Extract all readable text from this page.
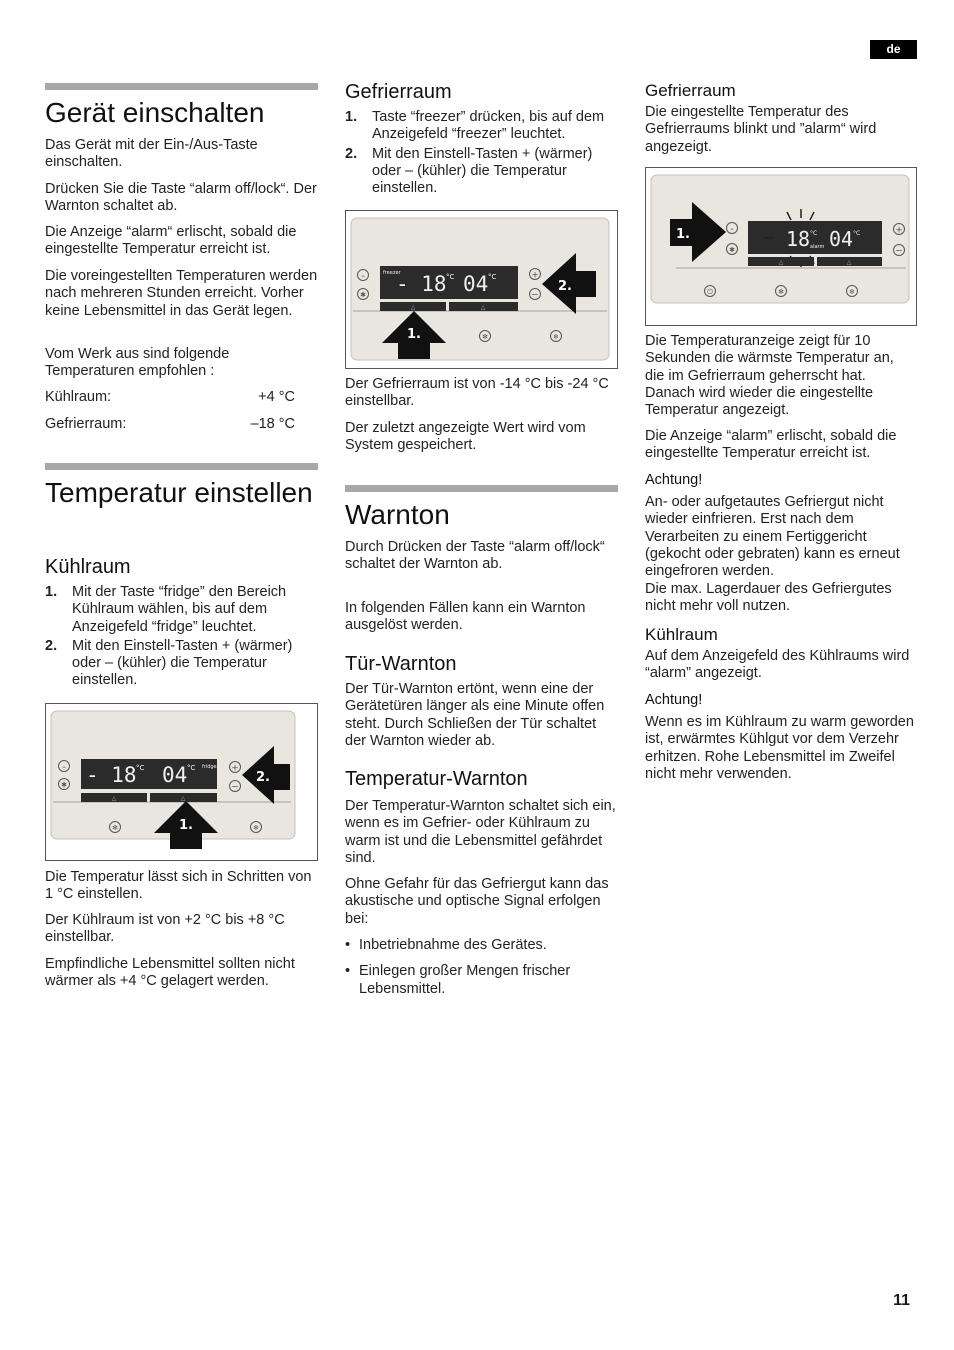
de
Gerät einschalten
Das Gerät mit der Ein-/Aus-Taste einschalten.
Drücken Sie die Taste “alarm off/lock“. Der Warnton schaltet ab.
Die Anzeige “alarm“ erlischt, sobald die eingestellte Temperatur erreicht ist.
Die voreingestellten Temperaturen werden nach mehreren Stunden erreicht. Vorher keine Lebensmittel in das Gerät legen.
Vom Werk aus sind folgende Temperaturen empfohlen :
Kühlraum:	+4 °C
Gefrierraum:	–18 °C
Temperatur einstellen
Kühlraum
1. Mit der Taste “fridge” den Bereich Kühlraum wählen, bis auf dem Anzeigefeld “fridge” leuchtet.
2. Mit den Einstell-Tasten + (wärmer) oder – (kühler) die Temperatur einstellen.
⌁
✱ - 18 °C 04 °C fridge
△	△
+
−
2.
1.
✻	❄
Die Temperatur lässt sich in Schritten von 1 °C einstellen.
Der Kühlraum ist von +2 °C bis +8 °C einstellbar.
Empfindliche Lebensmittel sollten nicht wärmer als +4 °C gelagert werden.
Gefrierraum
1. Taste “freezer” drücken, bis auf dem Anzeigefeld “freezer” leuchtet.
2. Mit den Einstell-Tasten + (wärmer) oder – (kühler) die Temperatur einstellen.
⌁
✱
freezer
- 18 °C 04 °C
△	△
+
−
2.
1.	✻	❄
Der Gefrierraum ist von -14 °C bis -24 °C einstellbar.
Der zuletzt angezeigte Wert wird vom System gespeichert.
Warnton
Durch Drücken der Taste “alarm off/lock“ schaltet der Warnton ab.
In folgenden Fällen kann ein Warnton ausgelöst werden.
Tür-Warnton
Der Tür-Warnton ertönt, wenn eine der Gerätetüren länger als eine Minute offen steht. Durch Schließen der Tür schaltet der Warnton wieder ab.
Temperatur-Warnton
Der Temperatur-Warnton schaltet sich ein, wenn es im Gefrier- oder Kühlraum zu warm ist und die Lebensmittel gefährdet sind.
Ohne Gefahr für das Gefriergut kann das akustische und optische Signal erfolgen bei:
• Inbetriebnahme des Gerätes.
• Einlegen großer Mengen frischer Lebensmittel.
Gefrierraum
Die eingestellte Temperatur des Gefrierraums blinkt und ”alarm“ wird angezeigt.
⌁
✱	18 °C
alarm 04 °C
△	△
+
−
1.
⏻	✻	❄
Die Temperaturanzeige zeigt für 10 Sekunden die wärmste Temperatur an, die im Gefrierraum geherrscht hat. Danach wird wieder die eingestellte Temperatur angezeigt.
Die Anzeige “alarm” erlischt, sobald die eingestellte Temperatur erreicht ist.
Achtung!
An- oder aufgetautes Gefriergut nicht wieder einfrieren. Erst nach dem Verarbeiten zu einem Fertiggericht (gekocht oder gebraten) kann es erneut eingefroren werden.
Die max. Lagerdauer des Gefriergutes nicht mehr voll nutzen.
Kühlraum
Auf dem Anzeigefeld des Kühlraums wird “alarm” angezeigt.
Achtung!
Wenn es im Kühlraum zu warm geworden ist, erwärmtes Kühlgut vor dem Verzehr erhitzen. Rohe Lebensmittel im Zweifel nicht mehr verwenden.
11
